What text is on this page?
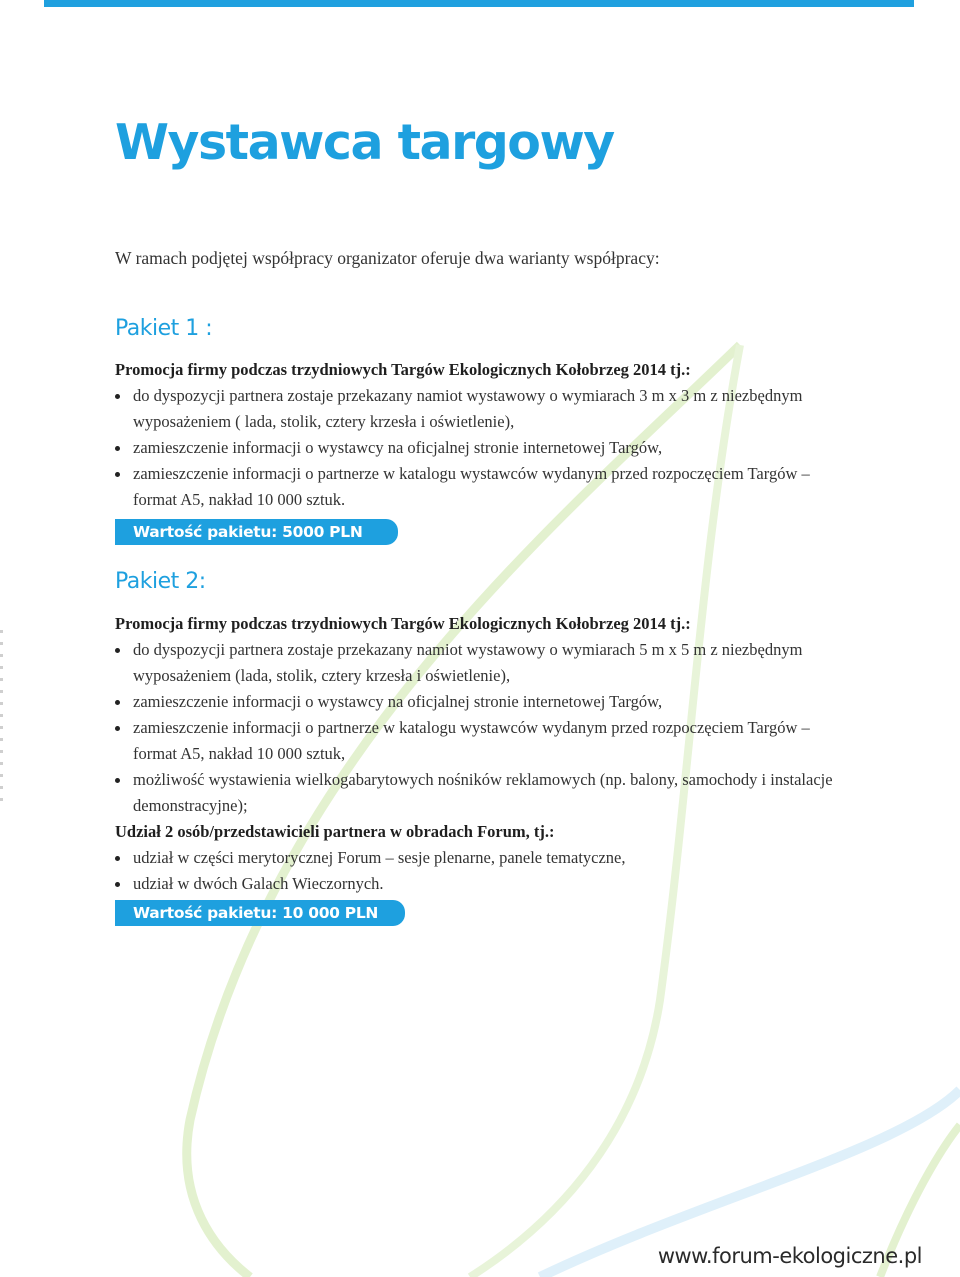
Wystawca targowy

W ramach podjętej współpracy organizator oferuje dwa warianty współpracy:

Pakiet 1 :

Promocja firmy podczas trzydniowych Targów Ekologicznych Kołobrzeg 2014 tj.:

do dyspozycji partnera zostaje przekazany namiot wystawowy o wymiarach 3 m x 3 m z niezbędnym wyposażeniem ( lada, stolik, cztery krzesła i oświetlenie),
zamieszczenie informacji o wystawcy na oficjalnej stronie internetowej Targów,
zamieszczenie informacji o partnerze w katalogu wystawców wydanym przed rozpoczęciem Targów – format A5, nakład 10 000 sztuk.
Wartość pakietu: 5000 PLN brutto
Pakiet 2:

Promocja firmy podczas trzydniowych Targów Ekologicznych Kołobrzeg 2014 tj.:

do dyspozycji partnera zostaje przekazany namiot wystawowy o wymiarach 5 m x 5 m z niezbędnym wyposażeniem (lada, stolik, cztery krzesła i oświetlenie),
zamieszczenie informacji o wystawcy na oficjalnej stronie internetowej Targów,
zamieszczenie informacji o partnerze w katalogu wystawców wydanym przed rozpoczęciem Targów – format A5, nakład 10 000 sztuk,
możliwość wystawienia wielkogabarytowych nośników reklamowych (np. balony, samochody i instalacje demonstracyjne);

Udział 2 osób/przedstawicieli partnera w obradach Forum, tj.:

udział w części merytorycznej Forum – sesje plenarne, panele tematyczne,
udział w dwóch Galach Wieczornych.
Wartość pakietu: 10 000 PLN brutto
www.forum-ekologiczne.pl
